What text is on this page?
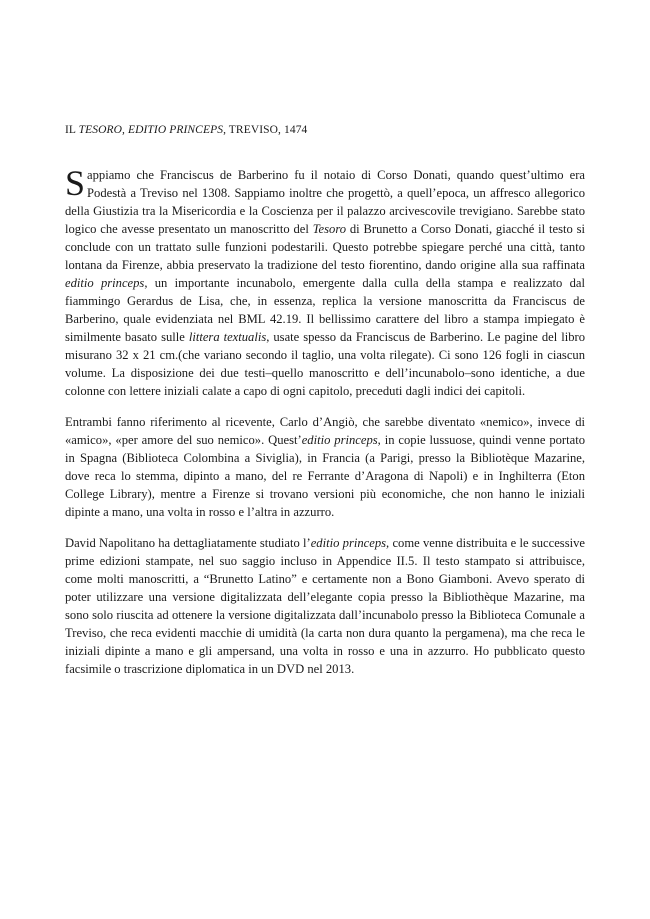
IL TESORO, EDITIO PRINCEPS, TREVISO, 1474

Sappiamo che Franciscus de Barberino fu il notaio di Corso Donati, quando quest’ultimo era Podestà a Treviso nel 1308. Sappiamo inoltre che progettò, a quell’epoca, un affresco allegorico della Giustizia tra la Misericordia e la Coscienza per il palazzo arcivescovile trevigiano. Sarebbe stato logico che avesse presentato un manoscritto del Tesoro di Brunetto a Corso Donati, giacché il testo si conclude con un trattato sulle funzioni podestarili. Questo potrebbe spiegare perché una città, tanto lontana da Firenze, abbia preservato la tradizione del testo fiorentino, dando origine alla sua raffinata editio princeps, un importante incunabolo, emergente dalla culla della stampa e realizzato dal fiammingo Gerardus de Lisa, che, in essenza, replica la versione manoscritta da Franciscus de Barberino, quale evidenziata nel BML 42.19. Il bellissimo carattere del libro a stampa impiegato è similmente basato sulle littera textualis, usate spesso da Franciscus de Barberino. Le pagine del libro misurano 32 x 21 cm.(che variano secondo il taglio, una volta rilegate). Ci sono 126 fogli in ciascun volume. La disposizione dei due testi–quello manoscritto e dell’incunabolo–sono identiche, a due colonne con lettere iniziali calate a capo di ogni capitolo, preceduti dagli indici dei capitoli.

Entrambi fanno riferimento al ricevente, Carlo d’Angiò, che sarebbe diventato «nemico», invece di «amico», «per amore del suo nemico». Quest’editio princeps, in copie lussuose, quindi venne portato in Spagna (Biblioteca Colombina a Siviglia), in Francia (a Parigi, presso la Bibliotèque Mazarine, dove reca lo stemma, dipinto a mano, del re Ferrante d’Aragona di Napoli) e in Inghilterra (Eton College Library), mentre a Firenze si trovano versioni più economiche, che non hanno le iniziali dipinte a mano, una volta in rosso e l’altra in azzurro.

David Napolitano ha dettagliatamente studiato l’editio princeps, come venne distribuita e le successive prime edizioni stampate, nel suo saggio incluso in Appendice II.5. Il testo stampato si attribuisce, come molti manoscritti, a “Brunetto Latino” e certamente non a Bono Giamboni. Avevo sperato di poter utilizzare una versione digitalizzata dell’elegante copia presso la Bibliothèque Mazarine, ma sono solo riuscita ad ottenere la versione digitalizzata dall’incunabolo presso la Biblioteca Comunale a Treviso, che reca evidenti macchie di umidità (la carta non dura quanto la pergamena), ma che reca le iniziali dipinte a mano e gli ampersand, una volta in rosso e una in azzurro. Ho pubblicato questo facsimile o trascrizione diplomatica in un DVD nel 2013.
